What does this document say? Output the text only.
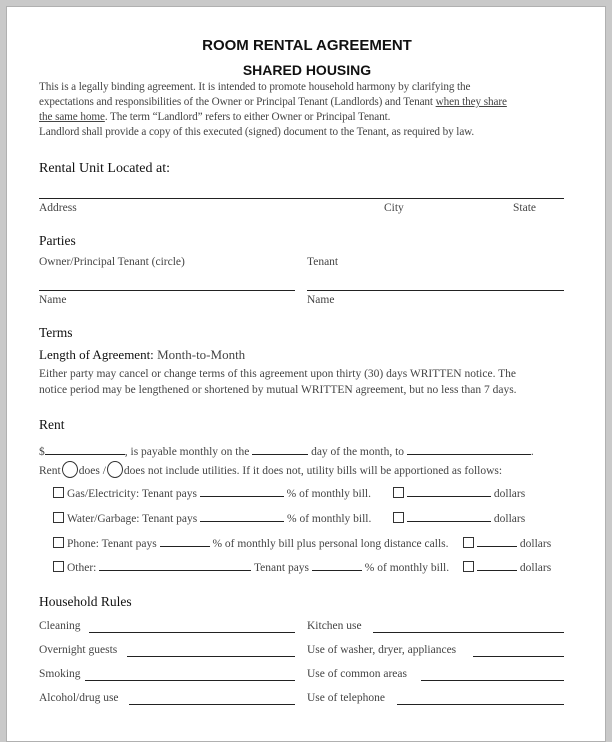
ROOM RENTAL AGREEMENT
SHARED HOUSING
This is a legally binding agreement. It is intended to promote household harmony by clarifying the
expectations and responsibilities of the Owner or Principal Tenant (Landlords) and Tenant when they share
the same home. The term “Landlord” refers to either Owner or Principal Tenant.
Landlord shall provide a copy of this executed (signed) document to the Tenant, as required by law.
Rental Unit Located at:
Address	City	State
Parties
Owner/Principal Tenant (circle)	Tenant
Name	Name
Terms
Length of Agreement: Month-to-Month
Either party may cancel or change terms of this agreement upon thirty (30) days WRITTEN notice. The
notice period may be lengthened or shortened by mutual WRITTEN agreement, but no less than 7 days.
Rent
$	, is payable monthly on the	day of the month, to	.
Rent does / does not include utilities. If it does not, utility bills will be apportioned as follows:
Gas/Electricity: Tenant pays	% of monthly bill.	dollars
Water/Garbage: Tenant pays	% of monthly bill.	dollars
Phone: Tenant pays	% of monthly bill plus personal long distance calls.	dollars
Other:	Tenant pays	% of monthly bill.	dollars
Household Rules
Cleaning	Kitchen use
Overnight guests	Use of washer, dryer, appliances
Smoking	Use of common areas
Alcohol/drug use	Use of telephone
